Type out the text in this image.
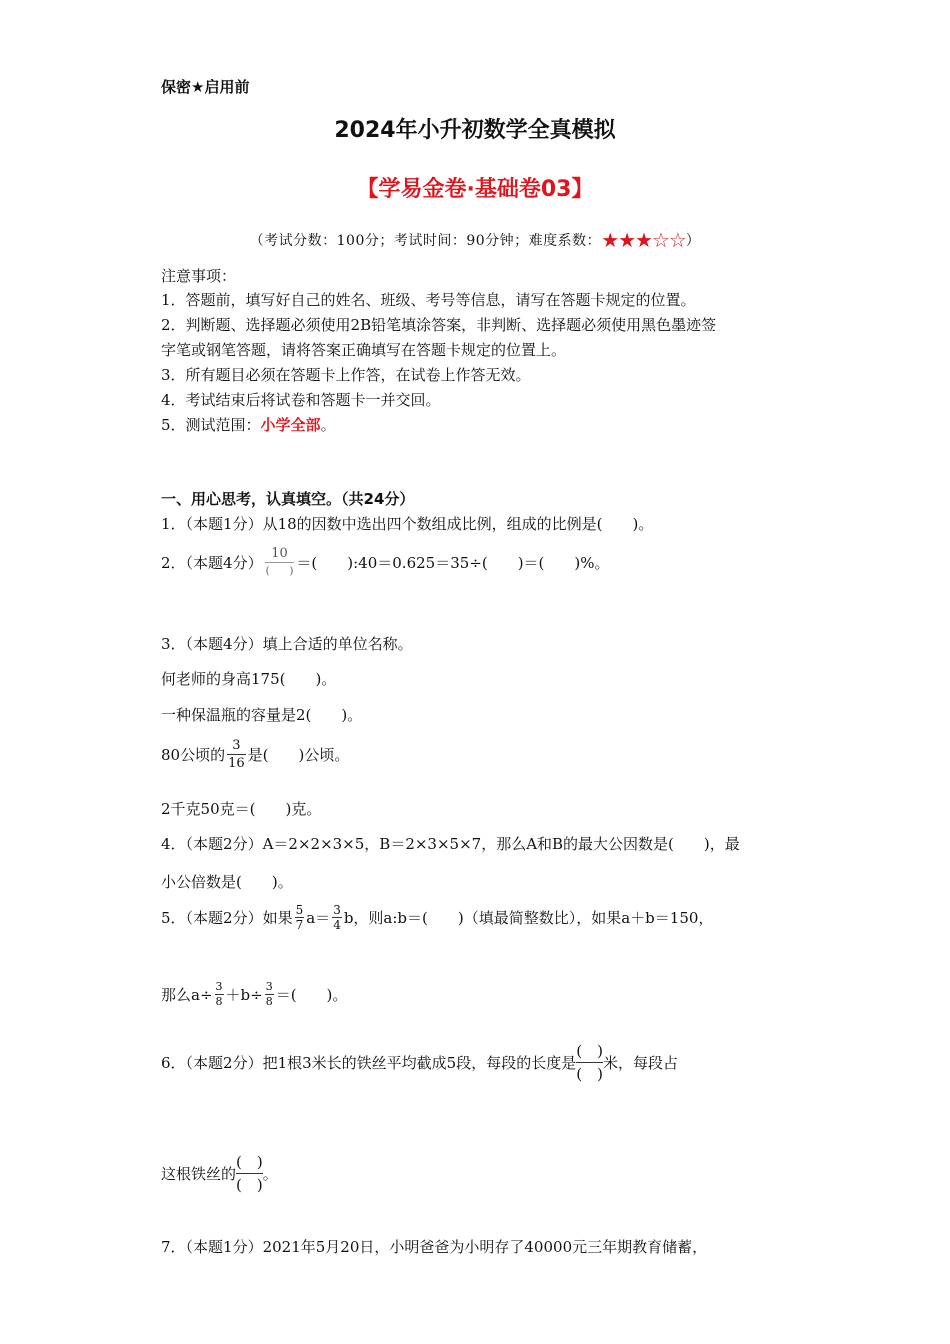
保密★启用前
2024年小升初数学全真模拟
【学易金卷·基础卷03】
（考试分数：100分；考试时间：90分钟；难度系数：★★★☆☆）
注意事项：
1．答题前，填写好自己的姓名、班级、考号等信息，请写在答题卡规定的位置。
2．判断题、选择题必须使用2B铅笔填涂答案，非判断、选择题必须使用黑色墨迹签
字笔或钢笔答题，请将答案正确填写在答题卡规定的位置上。
3．所有题目必须在答题卡上作答，在试卷上作答无效。
4．考试结束后将试卷和答题卡一并交回。
5．测试范围：小学全部。
一、用心思考，认真填空。（共24分）
1．（本题1分）从18的因数中选出四个数组成比例，组成的比例是(　　)。
2．（本题4分） $\frac{10}{( )}$ ＝(　　):40＝0.625＝35÷(　　)＝(　　)%。
3．（本题4分）填上合适的单位名称。
何老师的身高175(　　)。
一种保温瓶的容量是2(　　)。
80公顷的 $\frac{3}{16}$ 是(　　)公顷。
2千克50克＝(　　)克。
4．（本题2分）A＝2×2×3×5，B＝2×3×5×7，那么A和B的最大公因数是(　　)，最
小公倍数是(　　)。
5．（本题2分）如果 $\frac{5}{7} a= \frac{3}{4}$ b，则a:b＝(　　)（填最简整数比），如果a＋b＝150，
那么$a\div \frac{3}{8} +b\div \frac{3}{8}$ ＝(　　)。
6．（本题2分）把1根3米长的铁丝平均截成5段，每段的长度是 $\frac{( )}{( )}$ 米，每段占
这根铁丝的 $\frac{( )}{( )}$ 。
7．（本题1分）2021年5月20日，小明爸爸为小明存了40000元三年期教育储蓄，
